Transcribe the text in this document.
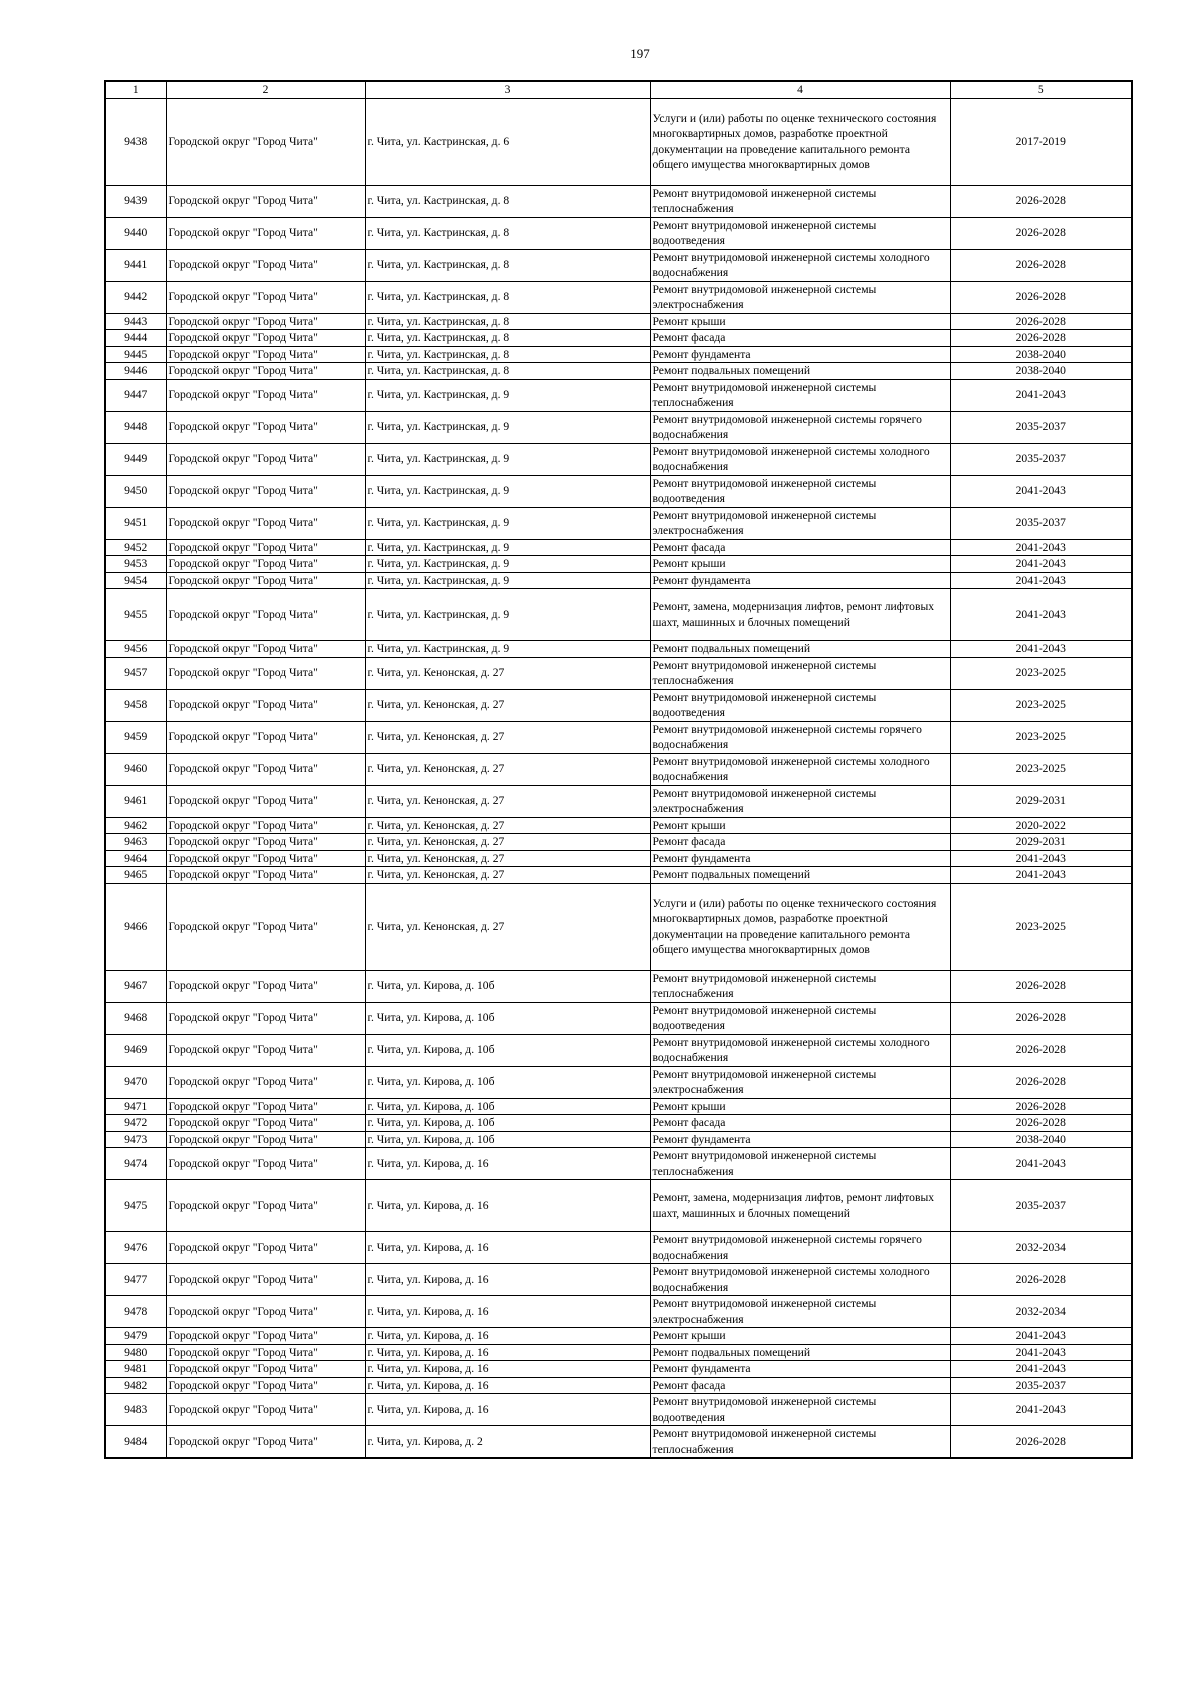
197
1	2	3	4	5
9438	Городской округ "Город Чита"	г. Чита, ул. Кастринская, д. 6	Услуги и (или) работы по оценке технического состояния многоквартирных домов, разработке проектной документации на проведение капитального ремонта общего имущества многоквартирных домов	2017-2019
9439	Городской округ "Город Чита"	г. Чита, ул. Кастринская, д. 8	Ремонт внутридомовой инженерной системы теплоснабжения	2026-2028
9440	Городской округ "Город Чита"	г. Чита, ул. Кастринская, д. 8	Ремонт внутридомовой инженерной системы водоотведения	2026-2028
9441	Городской округ "Город Чита"	г. Чита, ул. Кастринская, д. 8	Ремонт внутридомовой инженерной системы холодного водоснабжения	2026-2028
9442	Городской округ "Город Чита"	г. Чита, ул. Кастринская, д. 8	Ремонт внутридомовой инженерной системы электроснабжения	2026-2028
9443	Городской округ "Город Чита"	г. Чита, ул. Кастринская, д. 8	Ремонт крыши	2026-2028
9444	Городской округ "Город Чита"	г. Чита, ул. Кастринская, д. 8	Ремонт фасада	2026-2028
9445	Городской округ "Город Чита"	г. Чита, ул. Кастринская, д. 8	Ремонт фундамента	2038-2040
9446	Городской округ "Город Чита"	г. Чита, ул. Кастринская, д. 8	Ремонт подвальных помещений	2038-2040
9447	Городской округ "Город Чита"	г. Чита, ул. Кастринская, д. 9	Ремонт внутридомовой инженерной системы теплоснабжения	2041-2043
9448	Городской округ "Город Чита"	г. Чита, ул. Кастринская, д. 9	Ремонт внутридомовой инженерной системы горячего водоснабжения	2035-2037
9449	Городской округ "Город Чита"	г. Чита, ул. Кастринская, д. 9	Ремонт внутридомовой инженерной системы холодного водоснабжения	2035-2037
9450	Городской округ "Город Чита"	г. Чита, ул. Кастринская, д. 9	Ремонт внутридомовой инженерной системы водоотведения	2041-2043
9451	Городской округ "Город Чита"	г. Чита, ул. Кастринская, д. 9	Ремонт внутридомовой инженерной системы электроснабжения	2035-2037
9452	Городской округ "Город Чита"	г. Чита, ул. Кастринская, д. 9	Ремонт фасада	2041-2043
9453	Городской округ "Город Чита"	г. Чита, ул. Кастринская, д. 9	Ремонт крыши	2041-2043
9454	Городской округ "Город Чита"	г. Чита, ул. Кастринская, д. 9	Ремонт фундамента	2041-2043
9455	Городской округ "Город Чита"	г. Чита, ул. Кастринская, д. 9	Ремонт, замена, модернизация лифтов, ремонт лифтовых шахт, машинных и блочных помещений	2041-2043
9456	Городской округ "Город Чита"	г. Чита, ул. Кастринская, д. 9	Ремонт подвальных помещений	2041-2043
9457	Городской округ "Город Чита"	г. Чита, ул. Кенонская, д. 27	Ремонт внутридомовой инженерной системы теплоснабжения	2023-2025
9458	Городской округ "Город Чита"	г. Чита, ул. Кенонская, д. 27	Ремонт внутридомовой инженерной системы водоотведения	2023-2025
9459	Городской округ "Город Чита"	г. Чита, ул. Кенонская, д. 27	Ремонт внутридомовой инженерной системы горячего водоснабжения	2023-2025
9460	Городской округ "Город Чита"	г. Чита, ул. Кенонская, д. 27	Ремонт внутридомовой инженерной системы холодного водоснабжения	2023-2025
9461	Городской округ "Город Чита"	г. Чита, ул. Кенонская, д. 27	Ремонт внутридомовой инженерной системы электроснабжения	2029-2031
9462	Городской округ "Город Чита"	г. Чита, ул. Кенонская, д. 27	Ремонт крыши	2020-2022
9463	Городской округ "Город Чита"	г. Чита, ул. Кенонская, д. 27	Ремонт фасада	2029-2031
9464	Городской округ "Город Чита"	г. Чита, ул. Кенонская, д. 27	Ремонт фундамента	2041-2043
9465	Городской округ "Город Чита"	г. Чита, ул. Кенонская, д. 27	Ремонт подвальных помещений	2041-2043
9466	Городской округ "Город Чита"	г. Чита, ул. Кенонская, д. 27	Услуги и (или) работы по оценке технического состояния многоквартирных домов, разработке проектной документации на проведение капитального ремонта общего имущества многоквартирных домов	2023-2025
9467	Городской округ "Город Чита"	г. Чита, ул. Кирова, д. 10б	Ремонт внутридомовой инженерной системы теплоснабжения	2026-2028
9468	Городской округ "Город Чита"	г. Чита, ул. Кирова, д. 10б	Ремонт внутридомовой инженерной системы водоотведения	2026-2028
9469	Городской округ "Город Чита"	г. Чита, ул. Кирова, д. 10б	Ремонт внутридомовой инженерной системы холодного водоснабжения	2026-2028
9470	Городской округ "Город Чита"	г. Чита, ул. Кирова, д. 10б	Ремонт внутридомовой инженерной системы электроснабжения	2026-2028
9471	Городской округ "Город Чита"	г. Чита, ул. Кирова, д. 10б	Ремонт крыши	2026-2028
9472	Городской округ "Город Чита"	г. Чита, ул. Кирова, д. 10б	Ремонт фасада	2026-2028
9473	Городской округ "Город Чита"	г. Чита, ул. Кирова, д. 10б	Ремонт фундамента	2038-2040
9474	Городской округ "Город Чита"	г. Чита, ул. Кирова, д. 16	Ремонт внутридомовой инженерной системы теплоснабжения	2041-2043
9475	Городской округ "Город Чита"	г. Чита, ул. Кирова, д. 16	Ремонт, замена, модернизация лифтов, ремонт лифтовых шахт, машинных и блочных помещений	2035-2037
9476	Городской округ "Город Чита"	г. Чита, ул. Кирова, д. 16	Ремонт внутридомовой инженерной системы горячего водоснабжения	2032-2034
9477	Городской округ "Город Чита"	г. Чита, ул. Кирова, д. 16	Ремонт внутридомовой инженерной системы холодного водоснабжения	2026-2028
9478	Городской округ "Город Чита"	г. Чита, ул. Кирова, д. 16	Ремонт внутридомовой инженерной системы электроснабжения	2032-2034
9479	Городской округ "Город Чита"	г. Чита, ул. Кирова, д. 16	Ремонт крыши	2041-2043
9480	Городской округ "Город Чита"	г. Чита, ул. Кирова, д. 16	Ремонт подвальных помещений	2041-2043
9481	Городской округ "Город Чита"	г. Чита, ул. Кирова, д. 16	Ремонт фундамента	2041-2043
9482	Городской округ "Город Чита"	г. Чита, ул. Кирова, д. 16	Ремонт фасада	2035-2037
9483	Городской округ "Город Чита"	г. Чита, ул. Кирова, д. 16	Ремонт внутридомовой инженерной системы водоотведения	2041-2043
9484	Городской округ "Город Чита"	г. Чита, ул. Кирова, д. 2	Ремонт внутридомовой инженерной системы теплоснабжения	2026-2028
